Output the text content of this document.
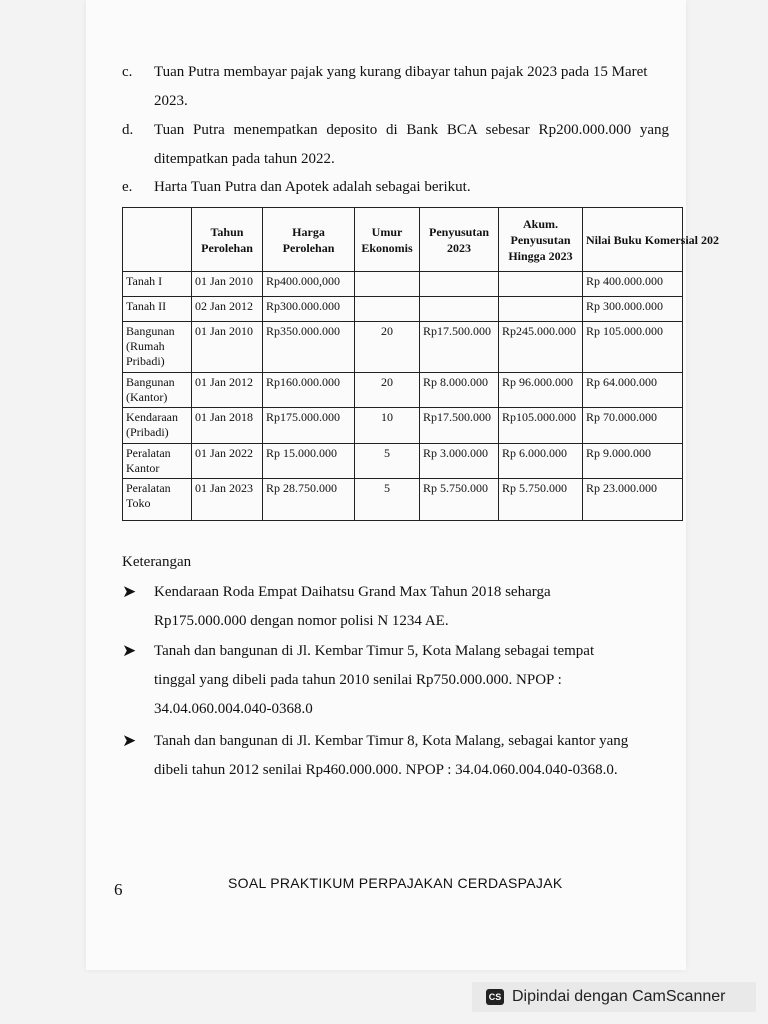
c. Tuan Putra membayar pajak yang kurang dibayar tahun pajak 2023 pada 15 Maret
2023.
d. Tuan Putra menempatkan deposito di Bank BCA sebesar Rp200.000.000 yang
ditempatkan pada tahun 2022.
e. Harta Tuan Putra dan Apotek adalah sebagai berikut.
	Tahun Perolehan	Harga Perolehan	Umur Ekonomis	Penyusutan 2023	Akum. Penyusutan Hingga 2023	Nilai Buku Komersial 202
Tanah I	01 Jan 2010	Rp400.000,000				Rp 400.000.000
Tanah II	02 Jan 2012	Rp300.000.000				Rp 300.000.000
Bangunan (Rumah Pribadi)	01 Jan 2010	Rp350.000.000	20	Rp17.500.000	Rp245.000.000	Rp 105.000.000
Bangunan (Kantor)	01 Jan 2012	Rp160.000.000	20	Rp 8.000.000	Rp 96.000.000	Rp 64.000.000
Kendaraan (Pribadi)	01 Jan 2018	Rp175.000.000	10	Rp17.500.000	Rp105.000.000	Rp 70.000.000
Peralatan Kantor	01 Jan 2022	Rp 15.000.000	5	Rp 3.000.000	Rp 6.000.000	Rp 9.000.000
Peralatan Toko	01 Jan 2023	Rp 28.750.000	5	Rp 5.750.000	Rp 5.750.000	Rp 23.000.000
Keterangan
➤ Kendaraan Roda Empat Daihatsu Grand Max Tahun 2018 seharga
Rp175.000.000 dengan nomor polisi N 1234 AE.
➤ Tanah dan bangunan di Jl. Kembar Timur 5, Kota Malang sebagai tempat
tinggal yang dibeli pada tahun 2010 senilai Rp750.000.000. NPOP :
34.04.060.004.040-0368.0
➤ Tanah dan bangunan di Jl. Kembar Timur 8, Kota Malang, sebagai kantor yang
dibeli tahun 2012 senilai Rp460.000.000. NPOP : 34.04.060.004.040-0368.0.
6	SOAL PRAKTIKUM PERPAJAKAN CERDASPAJAK
CS Dipindai dengan CamScanner
